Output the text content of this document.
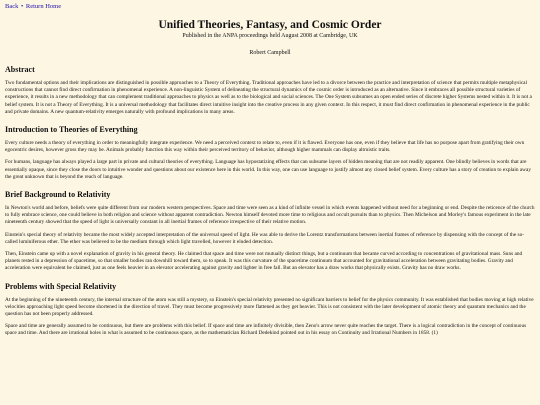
Back • Return Home
Unified Theories, Fantasy, and Cosmic Order
Published in the ANPA proceedings held August 2008 at Cambridge, UK
Robert Campbell
Abstract

Two fundamental options and their implications are distinguished in possible approaches to a Theory of Everything. Traditional approaches have led to a divorce between the practice and interpretation of science that permits multiple metaphysical constructions that cannot find direct confirmation in phenomenal experience. A non-linguistic System of delineating the structural dynamics of the cosmic order is introduced as an alternative. Since it embraces all possible structural varieties of experience, it results in a new methodology that can complement traditional approaches to physics as well as to the biological and social sciences. The One System subsumes an open ended series of discrete higher Systems nested within it. It is not a belief system. It is not a Theory of Everything. It is a universal methodology that facilitates direct intuitive insight into the creative process in any given context. In this respect, it must find direct confirmation in phenomenal experience in the public and private domains. A new quantum-relativity emerges naturally with profound implications in many areas.

Introduction to Theories of Everything

Every culture needs a theory of everything in order to meaningfully integrate experience. We need a perceived context to relate to, even if it is flawed. Everyone has one, even if they believe that life has no purpose apart from gratifying their own egocentric desires, however gross they may be. Animals probably function this way within their perceived territory of behavior, although higher mammals can display altruistic traits.

For humans, language has always played a large part in private and cultural theories of everything. Language has hypostatizing effects that can subsume layers of hidden meaning that are not readily apparent. One blindly believes in words that are essentially opaque, since they close the doors to intuitive wonder and questions about our existence here in this world. In this way, one can use language to justify almost any closed belief system. Every culture has a story of creation to explain away the great unknown that is beyond the reach of language.

Brief Background to Relativity

In Newton's world and before, beliefs were quite different from our modern western perspectives. Space and time were seen as a kind of infinite vessel in which events happened without need for a beginning or end. Despite the reticence of the church to fully embrace science, one could believe in both religion and science without apparent contradiction. Newton himself devoted more time to religious and occult pursuits than to physics. Then Michelson and Morley's famous experiment in the late nineteenth century showed that the speed of light is universally constant in all inertial frames of reference irrespective of their relative motion.

Einstein's special theory of relativity became the most widely accepted interpretation of the universal speed of light. He was able to derive the Lorentz transformations between inertial frames of reference by dispensing with the concept of the so-called luminiferous ether. The ether was believed to be the medium through which light travelled, however it eluded detection.

Then, Einstein came up with a novel explanation of gravity in his general theory. He claimed that space and time were not mutually distinct things, but a continuum that became curved according to concentrations of gravitational mass. Suns and planets rested in a depression of spacetime, so that smaller bodies ran downhill toward them, so to speak. It was this curvature of the spacetime continuum that accounted for gravitational acceleration between gravitating bodies. Gravity and acceleration were equivalent he claimed, just as one feels heavier in an elevator accelerating against gravity and lighter in free fall. But an elevator has a draw works that physically exists. Gravity has no draw works.

Problems with Special Relativity

At the beginning of the nineteenth century, the internal structure of the atom was still a mystery, so Einstein's special relativity presented no significant barriers to belief for the physics community. It was established that bodies moving at high relative velocities approaching light speed become shortened in the direction of travel. They must become progressively more flattened as they get heavier. This is not consistent with the later development of atomic theory and quantum mechanics and the question has not been properly addressed.

Space and time are generally assumed to be continuous, but there are problems with this belief. If space and time are infinitely divisible, then Zeno's arrow never quite reaches the target. There is a logical contradiction in the concept of continuous space and time. And there are irrational holes in what is assumed to be continuous space, as the mathematician Richard Dedekind pointed out in his essay on Continuity and Irrational Numbers in 1858. (1)
